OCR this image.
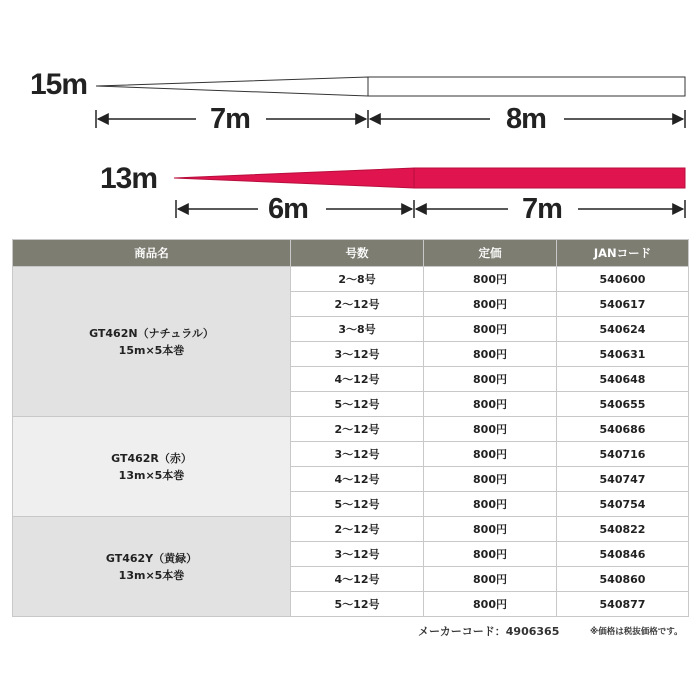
15m
7m	8m
13m
6m	7m
商品名	号数	定価	JANコード

GT462N（ナチュラル）
15m×5本巻	2〜8号	800円	540600
	2〜12号	800円	540617
	3〜8号	800円	540624
	3〜12号	800円	540631
	4〜12号	800円	540648
	5〜12号	800円	540655

GT462R（赤）
13m×5本巻	2〜12号	800円	540686
	3〜12号	800円	540716
	4〜12号	800円	540747
	5〜12号	800円	540754

GT462Y（黄緑）
13m×5本巻	2〜12号	800円	540822
	3〜12号	800円	540846
	4〜12号	800円	540860
	5〜12号	800円	540877
メーカーコード：4906365	※価格は税抜価格です。
